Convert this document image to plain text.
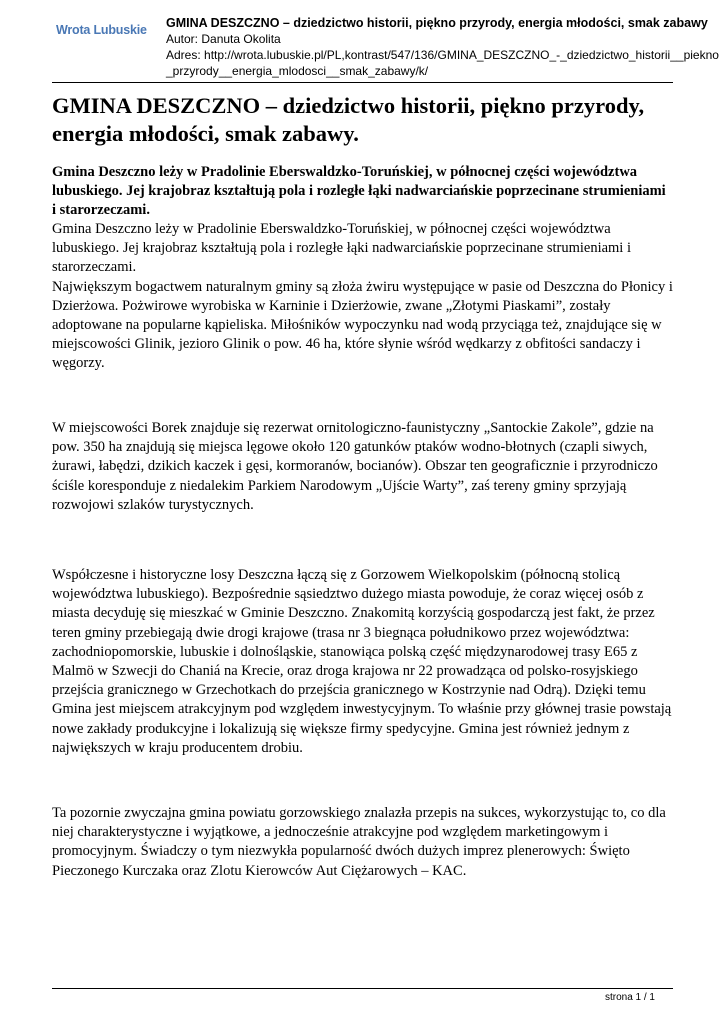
Wrota Lubuskie GMINA DESZCZNO – dziedzictwo historii, piękno przyrody, energia młodości, smak zabawy
Autor: Danuta Okolita
Adres: http://wrota.lubuskie.pl/PL,kontrast/547/136/GMINA_DESZCZNO_-_dziedzictwo_historii__piekno_przyrody__energia_mlodosci__smak_zabawy/k/
GMINA DESZCZNO – dziedzictwo historii, piękno przyrody, energia młodości, smak zabawy.

Gmina Deszczno leży w Pradolinie Eberswaldzko-Toruńskiej, w północnej części województwa lubuskiego. Jej krajobraz kształtują pola i rozległe łąki nadwarciańskie poprzecinane strumieniami i starorzeczami.

Gmina Deszczno leży w Pradolinie Eberswaldzko-Toruńskiej, w północnej części województwa lubuskiego. Jej krajobraz kształtują pola i rozległe łąki nadwarciańskie poprzecinane strumieniami i starorzeczami.
Największym bogactwem naturalnym gminy są złoża żwiru występujące w pasie od Deszczna do Płonicy i Dzierżowa. Pożwirowe wyrobiska w Karninie i Dzierżowie, zwane „Złotymi Piaskami”, zostały adoptowane na popularne kąpieliska. Miłośników wypoczynku nad wodą przyciąga też, znajdujące się w miejscowości Glinik, jezioro Glinik o pow. 46 ha, które słynie wśród wędkarzy z obfitości sandaczy i węgorzy.

W miejscowości Borek znajduje się rezerwat ornitologiczno-faunistyczny „Santockie Zakole”, gdzie na pow. 350 ha znajdują się miejsca lęgowe około 120 gatunków ptaków wodno-błotnych (czapli siwych, żurawi, łabędzi, dzikich kaczek i gęsi, kormoranów, bocianów). Obszar ten geograficznie i przyrodniczo ściśle koresponduje z niedalekim Parkiem Narodowym „Ujście Warty”, zaś tereny gminy sprzyjają rozwojowi szlaków turystycznych.

Współczesne i historyczne losy Deszczna łączą się z Gorzowem Wielkopolskim (północną stolicą województwa lubuskiego). Bezpośrednie sąsiedztwo dużego miasta powoduje, że coraz więcej osób z miasta decyduję się mieszkać w Gminie Deszczno. Znakomitą korzyścią gospodarczą jest fakt, że przez teren gminy przebiegają dwie drogi krajowe (trasa nr 3 biegnąca południkowo przez województwa: zachodniopomorskie, lubuskie i dolnośląskie, stanowiąca polską część międzynarodowej trasy E65 z Malmö w Szwecji do Chaniá na Krecie, oraz droga krajowa nr 22 prowadząca od polsko-rosyjskiego przejścia granicznego w Grzechotkach do przejścia granicznego w Kostrzynie nad Odrą). Dzięki temu Gmina jest miejscem atrakcyjnym pod względem inwestycyjnym. To właśnie przy głównej trasie powstają nowe zakłady produkcyjne i lokalizują się większe firmy spedycyjne. Gmina jest również jednym z największych w kraju producentem drobiu.

Ta pozornie zwyczajna gmina powiatu gorzowskiego znalazła przepis na sukces, wykorzystując to, co dla niej charakterystyczne i wyjątkowe, a jednocześnie atrakcyjne pod względem marketingowym i promocyjnym. Świadczy o tym niezwykła popularność dwóch dużych imprez plenerowych: Święto Pieczonego Kurczaka oraz Zlotu Kierowców Aut Ciężarowych – KAC.

strona 1 / 1
